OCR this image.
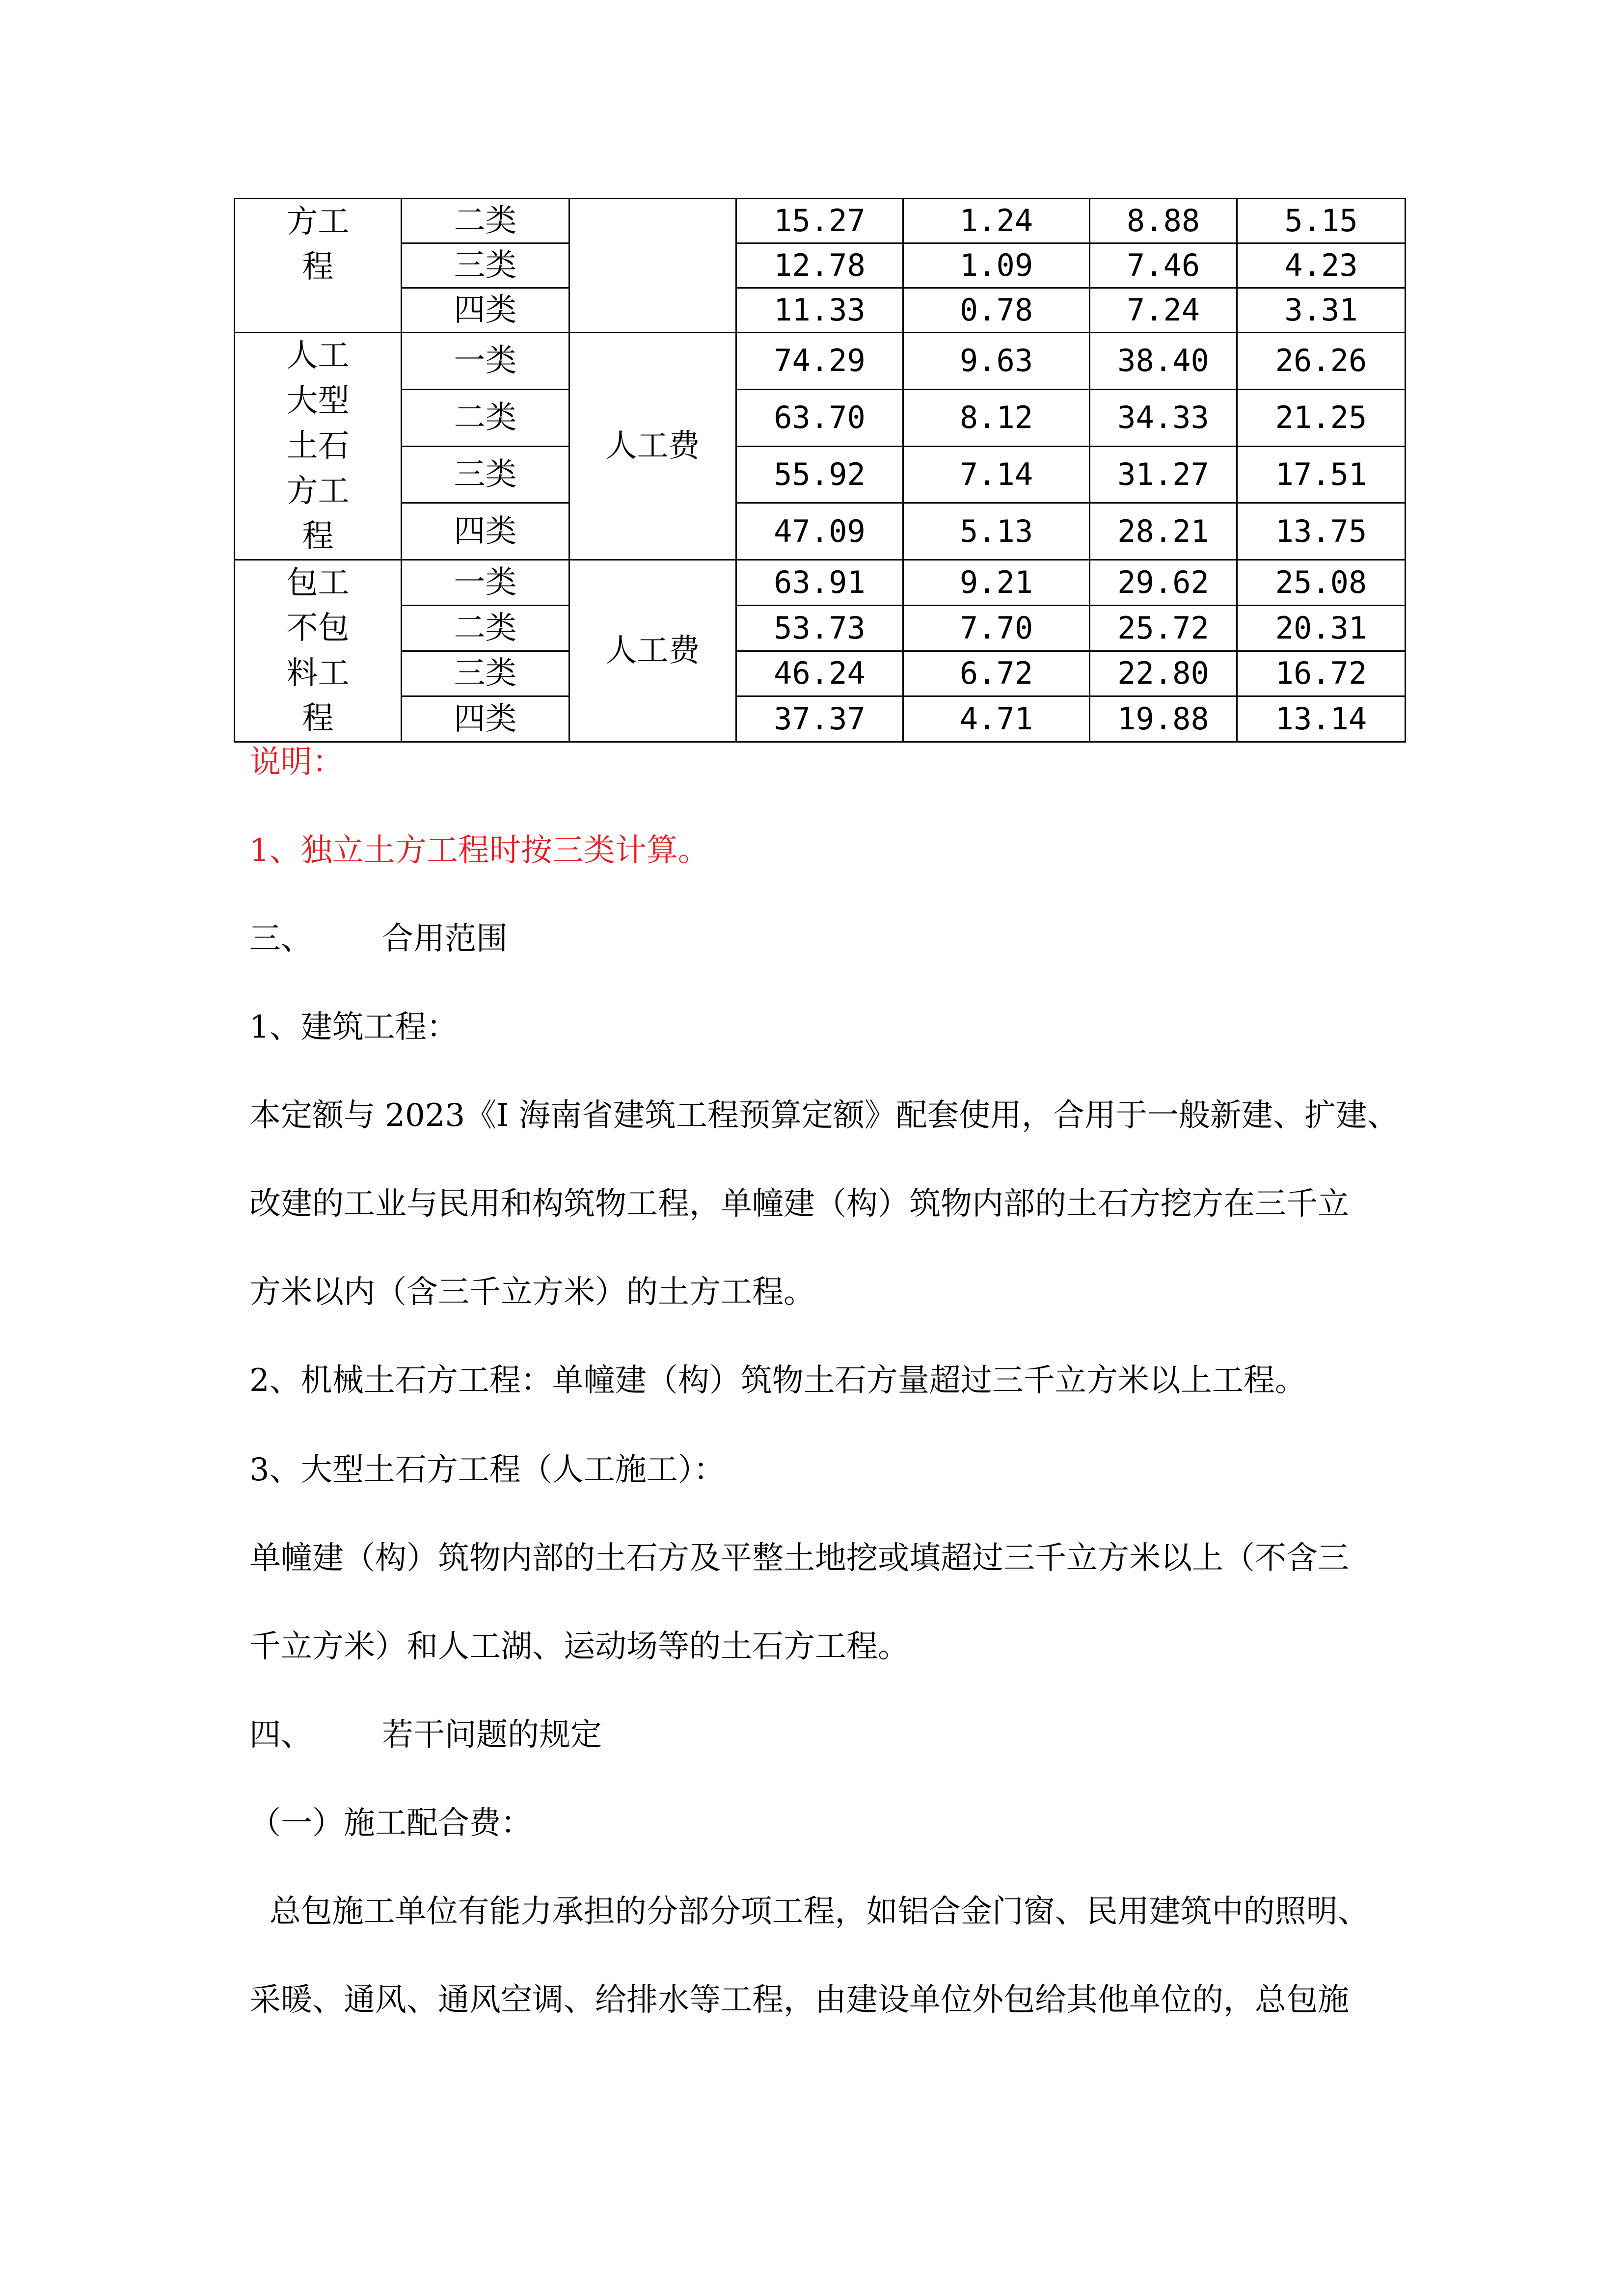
方工程	二类		15.27	1.24	8.88	5.15
	三类		12.78	1.09	7.46	4.23
	四类		11.33	0.78	7.24	3.31
人工大型土石方工程	一类	人工费	74.29	9.63	38.40	26.26
	二类		63.70	8.12	34.33	21.25
	三类		55.92	7.14	31.27	17.51
	四类		47.09	5.13	28.21	13.75
包工不包料工程	一类	人工费	63.91	9.21	29.62	25.08
	二类		53.73	7.70	25.72	20.31
	三类		46.24	6.72	22.80	16.72
	四类		37.37	4.71	19.88	13.14
说明：
1、独立土方工程时按三类计算。
三、 合用范围
1、建筑工程：
本定额与 2023《I 海南省建筑工程预算定额》配套使用，合用于一般新建、扩建、
改建的工业与民用和构筑物工程，单幢建（构）筑物内部的土石方挖方在三千立
方米以内（含三千立方米）的土方工程。
2、机械土石方工程：单幢建（构）筑物土石方量超过三千立方米以上工程。
3、大型土石方工程（人工施工）：
单幢建（构）筑物内部的土石方及平整土地挖或填超过三千立方米以上（不含三
千立方米）和人工湖、运动场等的土石方工程。
四、 若干问题的规定
（一）施工配合费：
总包施工单位有能力承担的分部分项工程，如铝合金门窗、民用建筑中的照明、
采暖、通风、通风空调、给排水等工程，由建设单位外包给其他单位的，总包施
